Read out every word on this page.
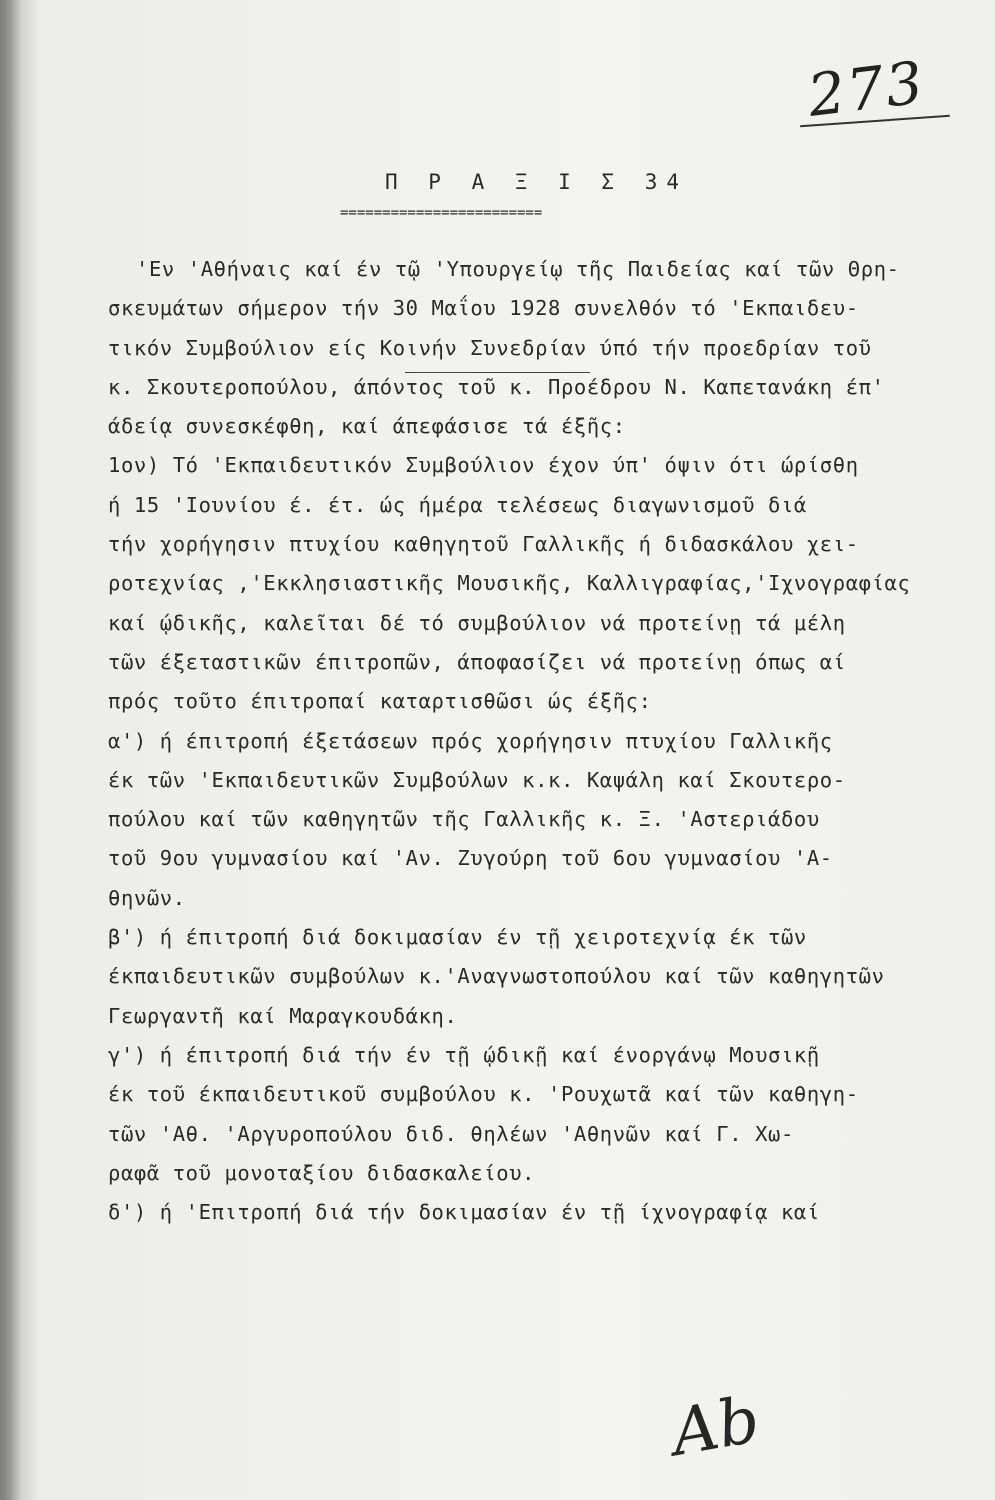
273
Π Ρ Α Ξ Ι Σ 34
========================
'Εν 'Αθήναις καί έν τῷ 'Υπουργείῳ τῆς Παιδείας καί τῶν Θρη-
σκευμάτων σήμερον τήν 30 Μαΐου 1928 συνελθόν τό 'Εκπαιδευ-
τικόν Συμβούλιον είς Κοινήν Συνεδρίαν ύπό τήν προεδρίαν τοῦ
κ. Σκουτεροπούλου, άπόντος τοῦ κ. Προέδρου Ν. Καπετανάκη έπ'
άδείᾳ συνεσκέφθη, καί άπεφάσισε τά έξῆς:
1ον) Τό 'Εκπαιδευτικόν Συμβούλιον έχον ύπ' όψιν ότι ώρίσθη
ή 15 'Ιουνίου έ. έτ. ώς ήμέρα τελέσεως διαγωνισμοῦ διά
τήν χορήγησιν πτυχίου καθηγητοῦ Γαλλικῆς ή διδασκάλου χει-
ροτεχνίας ,'Εκκλησιαστικῆς Μουσικῆς, Καλλιγραφίας,'Ιχνογραφίας
καί ῴδικῆς, καλεῖται δέ τό συμβούλιον νά προτείνῃ τά μέλη
τῶν έξεταστικῶν έπιτροπῶν, άποφασίζει νά προτείνῃ όπως αί
πρός τοῦτο έπιτροπαί καταρτισθῶσι ώς έξῆς:
α') ή έπιτροπή έξετάσεων πρός χορήγησιν πτυχίου Γαλλικῆς
έκ τῶν 'Εκπαιδευτικῶν Συμβούλων κ.κ. Καψάλη καί Σκουτερο-
πούλου καί τῶν καθηγητῶν τῆς Γαλλικῆς κ. Ξ. 'Αστεριάδου
τοῦ 9ου γυμνασίου καί 'Αν. Ζυγούρη τοῦ 6ου γυμνασίου 'Α-
θηνῶν.
β') ή έπιτροπή διά δοκιμασίαν έν τῇ χειροτεχνίᾳ έκ τῶν
έκπαιδευτικῶν συμβούλων κ.'Αναγνωστοπούλου καί τῶν καθηγητῶν
Γεωργαντῆ καί Μαραγκουδάκη.
γ') ή έπιτροπή διά τήν έν τῇ ῴδικῇ καί ένοργάνῳ Μουσικῇ
έκ τοῦ έκπαιδευτικοῦ συμβούλου κ. 'Ρουχωτᾶ καί τῶν καθηγη-
τῶν 'Αθ. 'Αργυροπούλου διδ. θηλέων 'Αθηνῶν καί Γ. Χω-
ραφᾶ τοῦ μονοταξίου διδασκαλείου.
δ') ή 'Επιτροπή διά τήν δοκιμασίαν έν τῇ ίχνογραφίᾳ καί
Ab
